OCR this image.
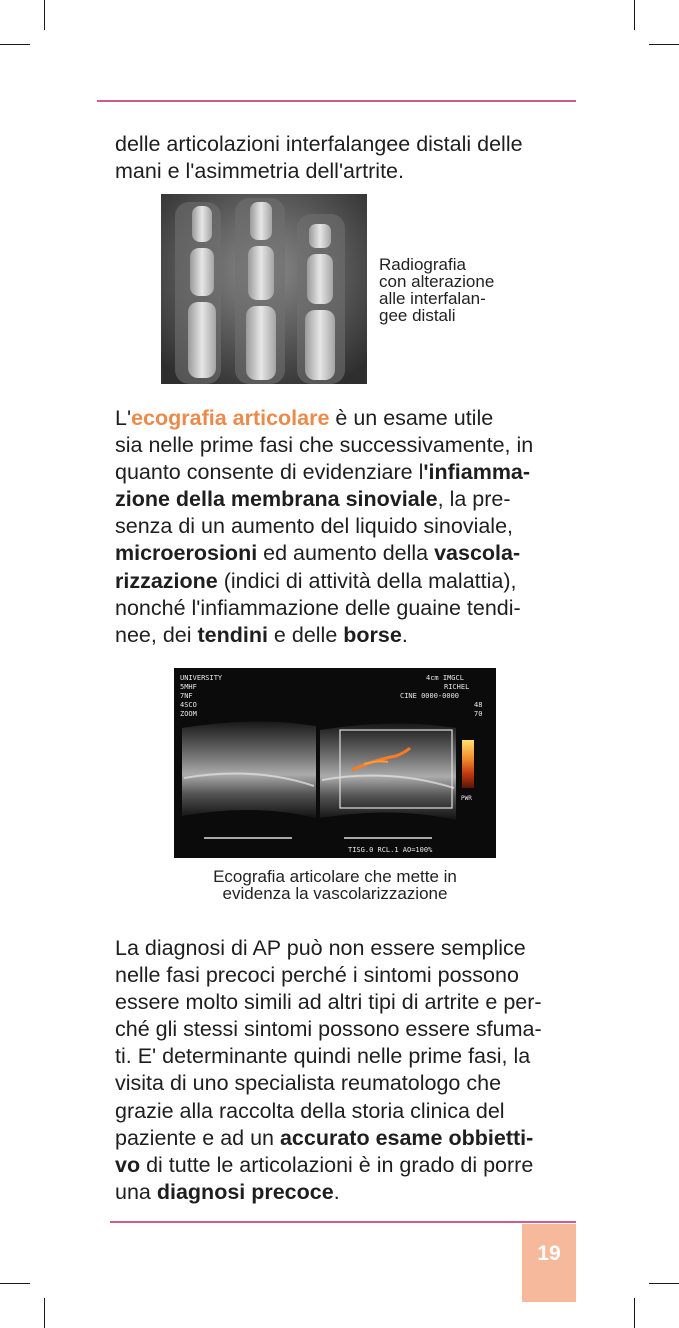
delle articolazioni interfalangee distali delle
mani e l'asimmetria dell'artrite.

Radiografia
con alterazione
alle interfalan-
gee distali

L'ecografia articolare è un esame utile
sia nelle prime fasi che successivamente, in
quanto consente di evidenziare l'infiamma-
zione della membrana sinoviale, la pre-
senza di un aumento del liquido sinoviale,
microerosioni ed aumento della vascola-
rizzazione (indici di attività della malattia),
nonché l'infiammazione delle guaine tendi-
nee, dei tendini e delle borse.

UNIVERSITY
5MHF
7NF
4SCO
ZOOM
4cm IMGCL
RICHEL
CINE 0000-0000
48
70
PWR
TISG.0 RCL.1 AO=100%
Ecografia articolare che mette in
evidenza la vascolarizzazione

La diagnosi di AP può non essere semplice
nelle fasi precoci perché i sintomi possono
essere molto simili ad altri tipi di artrite e per-
ché gli stessi sintomi possono essere sfuma-
ti. E' determinante quindi nelle prime fasi, la
visita di uno specialista reumatologo che
grazie alla raccolta della storia clinica del
paziente e ad un accurato esame obbietti-
vo di tutte le articolazioni è in grado di porre
una diagnosi precoce.

19
